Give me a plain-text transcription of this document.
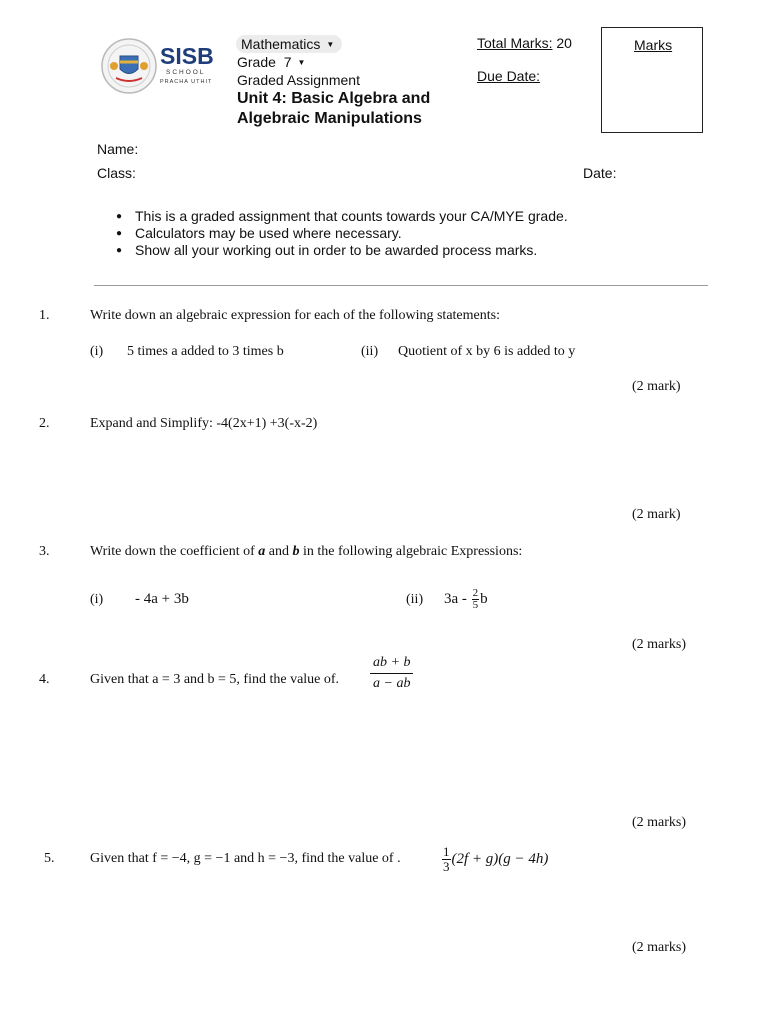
SISB
SCHOOL
PRACHA UTHIT
Mathematics ▼
Grade 7 ▼
Graded Assignment
Unit 4: Basic Algebra and Algebraic Manipulations
Total Marks: 20
Due Date:
Marks
Name:
Class:	Date:
● This is a graded assignment that counts towards your CA/MYE grade.
● Calculators may be used where necessary.
● Show all your working out in order to be awarded process marks.
1.	Write down an algebraic expression for each of the following statements:
(i) 5 times a added to 3 times b	(ii) Quotient of x by 6 is added to y
(2 mark)
2.	Expand and Simplify: -4(2x+1) +3(-x-2)
(2 mark)
3.	Write down the coefficient of a and b in the following algebraic Expressions:
(i) - 4a + 3b	(ii) $3a - \frac{2}{5}$ b
(2 marks)
4.	Given that a = 3 and b = 5, find the value of. $\frac{ab + b}{a - ab}$
(2 marks)
5.	Given that f = −4, g = −1 and h = −3, find the value of .	$\frac{1}{3} (2f + g)(g - 4h)$
(2 marks)
